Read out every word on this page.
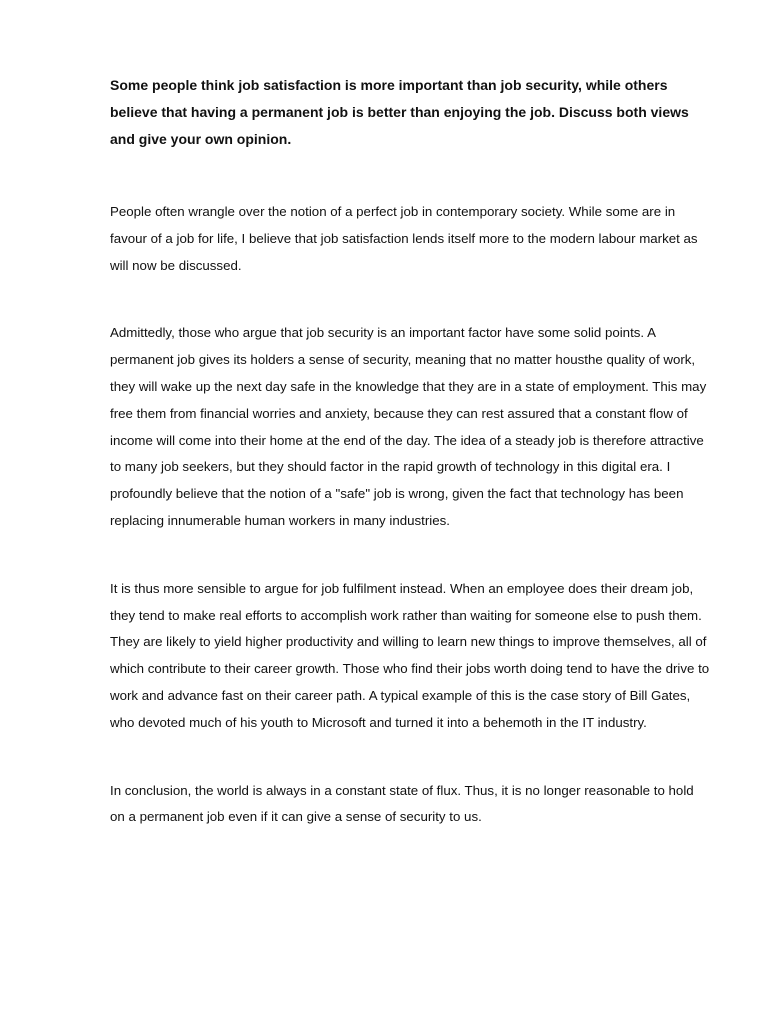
Some people think job satisfaction is more important than job security, while others believe that having a permanent job is better than enjoying the job. Discuss both views and give your own opinion.

People often wrangle over the notion of a perfect job in contemporary society. While some are in favour of a job for life, I believe that job satisfaction lends itself more to the modern labour market as will now be discussed.

Admittedly, those who argue that job security is an important factor have some solid points. A permanent job gives its holders a sense of security, meaning that no matter housthe quality of work, they will wake up the next day safe in the knowledge that they are in a state of employment. This may free them from financial worries and anxiety, because they can rest assured that a constant flow of income will come into their home at the end of the day. The idea of a steady job is therefore attractive to many job seekers, but they should factor in the rapid growth of technology in this digital era. I profoundly believe that the notion of a "safe" job is wrong, given the fact that technology has been replacing innumerable human workers in many industries.

It is thus more sensible to argue for job fulfilment instead. When an employee does their dream job, they tend to make real efforts to accomplish work rather than waiting for someone else to push them. They are likely to yield higher productivity and willing to learn new things to improve themselves, all of which contribute to their career growth. Those who find their jobs worth doing tend to have the drive to work and advance fast on their career path. A typical example of this is the case story of Bill Gates, who devoted much of his youth to Microsoft and turned it into a behemoth in the IT industry.

In conclusion, the world is always in a constant state of flux. Thus, it is no longer reasonable to hold on a permanent job even if it can give a sense of security to us.
